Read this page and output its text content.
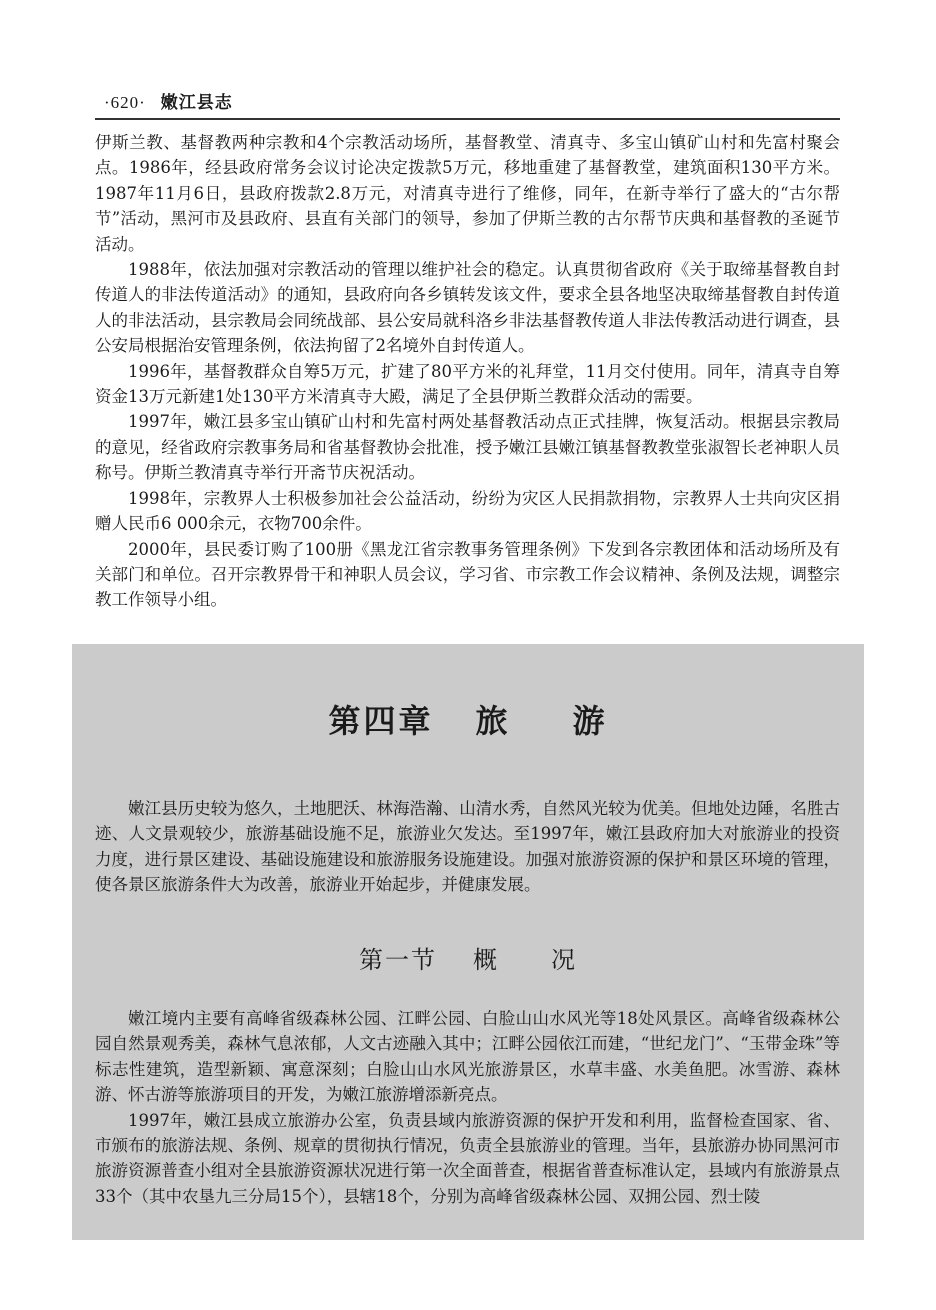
·620· 嫩江县志

伊斯兰教、基督教两种宗教和4个宗教活动场所，基督教堂、清真寺、多宝山镇矿山村和先富村聚会点。1986年，经县政府常务会议讨论决定拨款5万元，移地重建了基督教堂，建筑面积130平方米。1987年11月6日，县政府拨款2.8万元，对清真寺进行了维修，同年，在新寺举行了盛大的“古尔帮节”活动，黑河市及县政府、县直有关部门的领导，参加了伊斯兰教的古尔帮节庆典和基督教的圣诞节活动。

1988年，依法加强对宗教活动的管理以维护社会的稳定。认真贯彻省政府《关于取缔基督教自封传道人的非法传道活动》的通知，县政府向各乡镇转发该文件，要求全县各地坚决取缔基督教自封传道人的非法活动，县宗教局会同统战部、县公安局就科洛乡非法基督教传道人非法传教活动进行调查，县公安局根据治安管理条例，依法拘留了2名境外自封传道人。

1996年，基督教群众自筹5万元，扩建了80平方米的礼拜堂，11月交付使用。同年，清真寺自筹资金13万元新建1处130平方米清真寺大殿，满足了全县伊斯兰教群众活动的需要。

1997年，嫩江县多宝山镇矿山村和先富村两处基督教活动点正式挂牌，恢复活动。根据县宗教局的意见，经省政府宗教事务局和省基督教协会批准，授予嫩江县嫩江镇基督教教堂张淑智长老神职人员称号。伊斯兰教清真寺举行开斋节庆祝活动。

1998年，宗教界人士积极参加社会公益活动，纷纷为灾区人民捐款捐物，宗教界人士共向灾区捐赠人民币6 000余元，衣物700余件。

2000年，县民委订购了100册《黑龙江省宗教事务管理条例》下发到各宗教团体和活动场所及有关部门和单位。召开宗教界骨干和神职人员会议，学习省、市宗教工作会议精神、条例及法规，调整宗教工作领导小组。

第四章 旅 游

嫩江县历史较为悠久，土地肥沃、林海浩瀚、山清水秀，自然风光较为优美。但地处边陲，名胜古迹、人文景观较少，旅游基础设施不足，旅游业欠发达。至1997年，嫩江县政府加大对旅游业的投资力度，进行景区建设、基础设施建设和旅游服务设施建设。加强对旅游资源的保护和景区环境的管理，使各景区旅游条件大为改善，旅游业开始起步，并健康发展。

第一节 概 况

嫩江境内主要有高峰省级森林公园、江畔公园、白脸山山水风光等18处风景区。高峰省级森林公园自然景观秀美，森林气息浓郁，人文古迹融入其中；江畔公园依江而建，“世纪龙门”、“玉带金珠”等标志性建筑，造型新颖、寓意深刻；白脸山山水风光旅游景区，水草丰盛、水美鱼肥。冰雪游、森林游、怀古游等旅游项目的开发，为嫩江旅游增添新亮点。

1997年，嫩江县成立旅游办公室，负责县域内旅游资源的保护开发和利用，监督检查国家、省、市颁布的旅游法规、条例、规章的贯彻执行情况，负责全县旅游业的管理。当年，县旅游办协同黑河市旅游资源普查小组对全县旅游资源状况进行第一次全面普查，根据省普查标准认定，县域内有旅游景点33个（其中农垦九三分局15个），县辖18个，分别为高峰省级森林公园、双拥公园、烈士陵
